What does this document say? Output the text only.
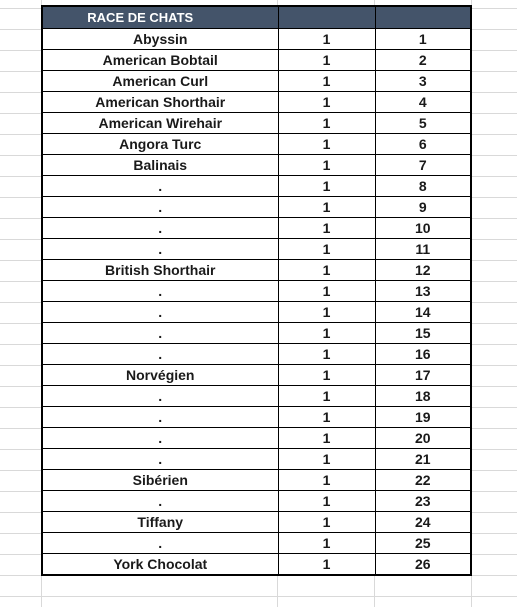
RACE DE CHATS		
Abyssin	1	1
American Bobtail	1	2
American Curl	1	3
American Shorthair	1	4
American Wirehair	1	5
Angora Turc	1	6
Balinais	1	7
.	1	8
.	1	9
.	1	10
.	1	11
British Shorthair	1	12
.	1	13
.	1	14
.	1	15
.	1	16
Norvégien	1	17
.	1	18
.	1	19
.	1	20
.	1	21
Sibérien	1	22
.	1	23
Tiffany	1	24
.	1	25
York Chocolat	1	26
